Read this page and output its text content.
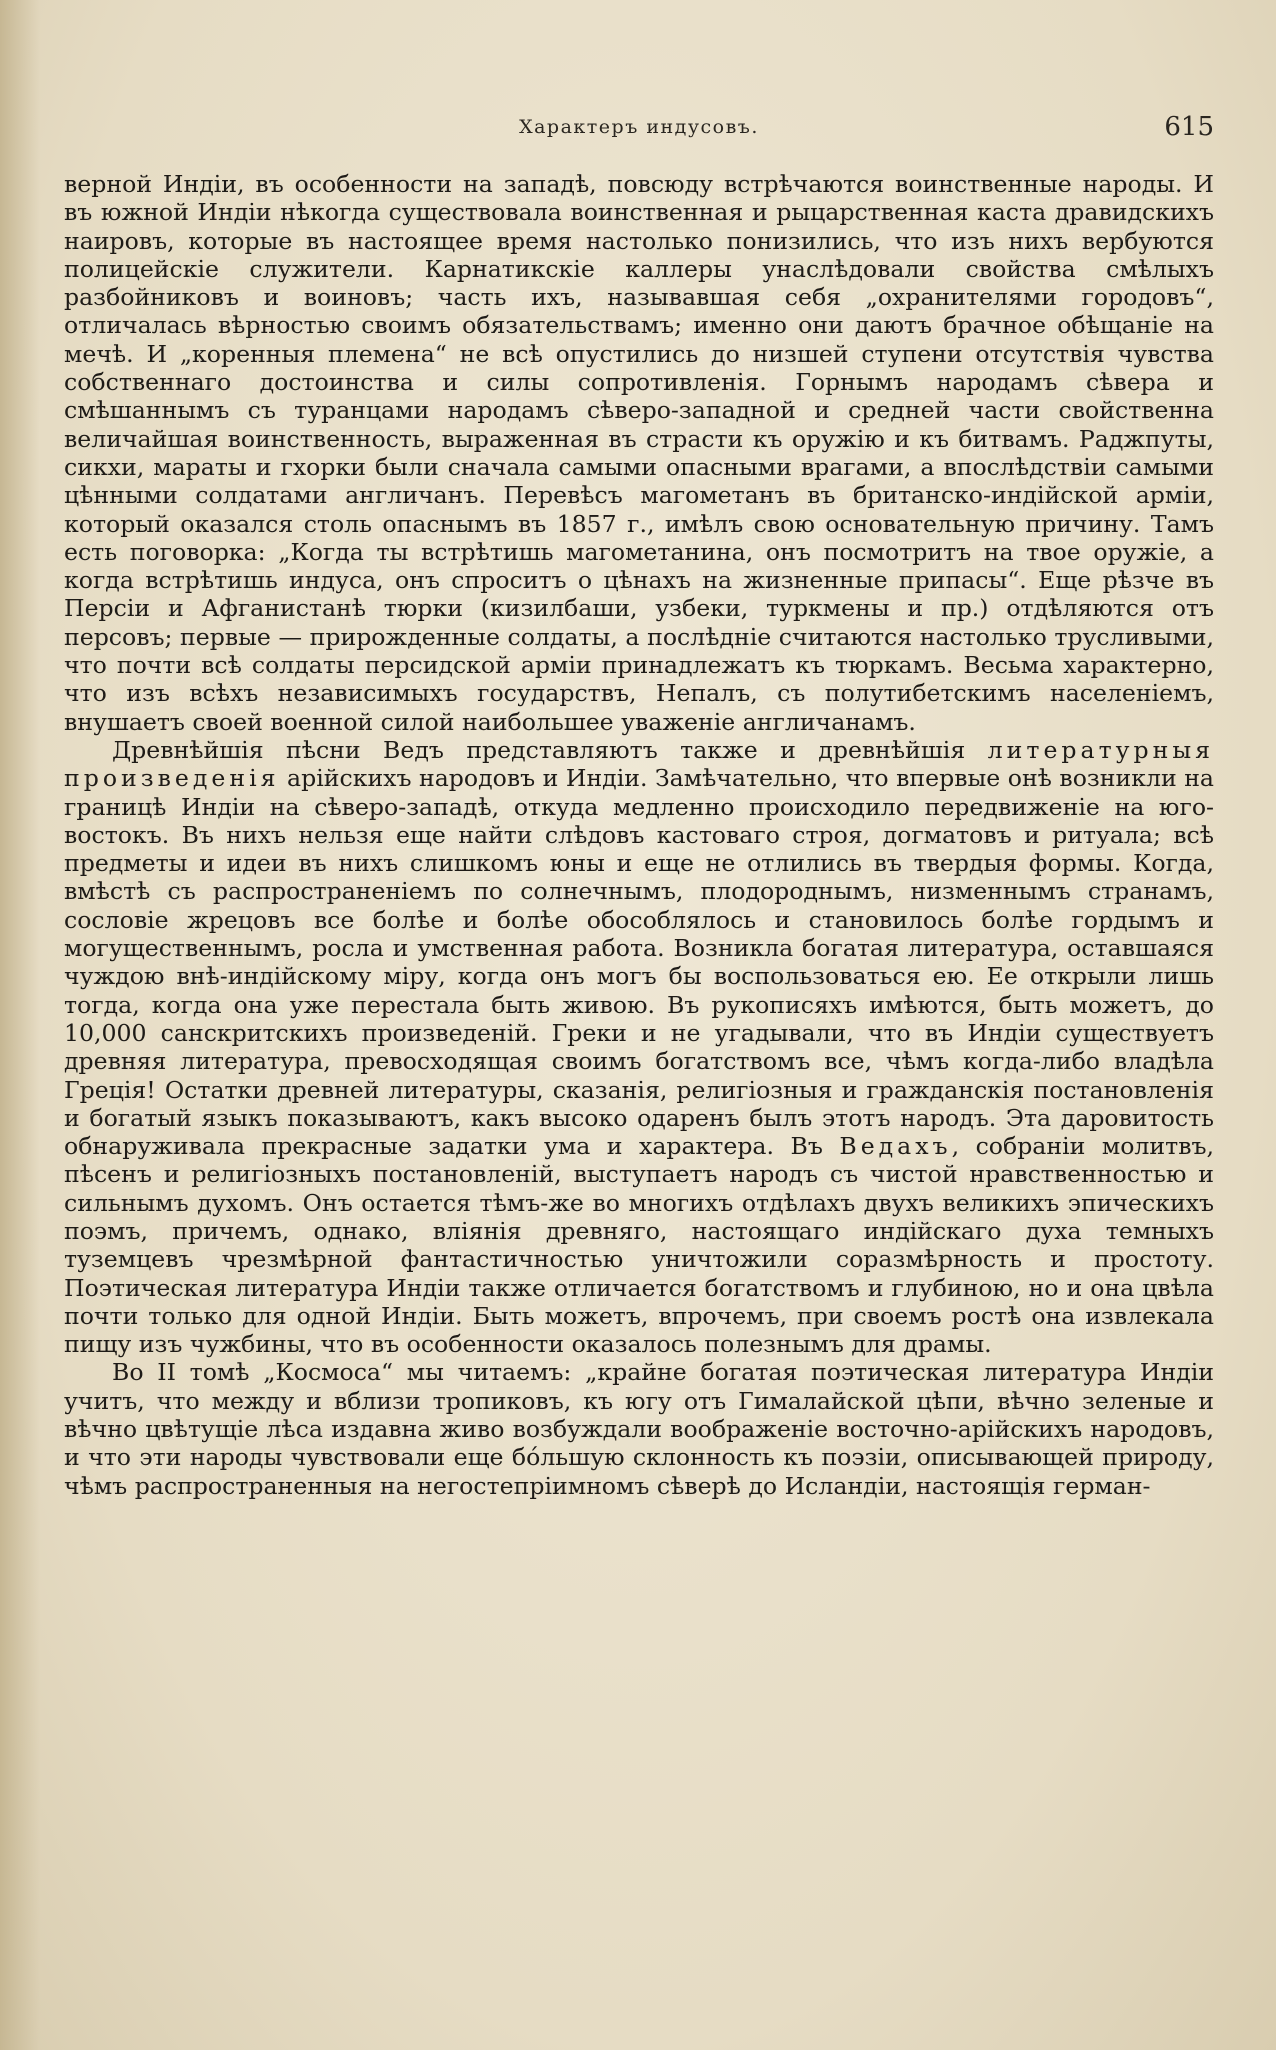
Характеръ индусовъ.	615

верной Индіи, въ особенности на западѣ, повсюду встрѣчаются воинственные народы. И въ южной Индіи нѣкогда существовала воинственная и рыцарственная каста дравидскихъ наировъ, которые въ настоящее время настолько понизились, что изъ нихъ вербуются полицейскіе служители. Карнатикскіе каллеры унаслѣдовали свойства смѣлыхъ разбойниковъ и воиновъ; часть ихъ, называвшая себя „охранителями городовъ“, отличалась вѣрностью своимъ обязательствамъ; именно они даютъ брачное обѣщаніе на мечѣ. И „коренныя племена“ не всѣ опустились до низшей ступени отсутствія чувства собственнаго достоинства и силы сопротивленія. Горнымъ народамъ сѣвера и смѣшаннымъ съ туранцами народамъ сѣверо-западной и средней части свойственна величайшая воинственность, выраженная въ страсти къ оружію и къ битвамъ. Раджпуты, сикхи, мараты и гхорки были сначала самыми опасными врагами, а впослѣдствіи самыми цѣнными солдатами англичанъ. Перевѣсъ магометанъ въ британско-индійской арміи, который оказался столь опаснымъ въ 1857 г., имѣлъ свою основательную причину. Тамъ есть поговорка: „Когда ты встрѣтишь магометанина, онъ посмотритъ на твое оружіе, а когда встрѣтишь индуса, онъ спроситъ о цѣнахъ на жизненные припасы“. Еще рѣзче въ Персіи и Афганистанѣ тюрки (кизилбаши, узбеки, туркмены и пр.) отдѣляются отъ персовъ; первые — прирожденные солдаты, а послѣдніе считаются настолько трусливыми, что почти всѣ солдаты персидской арміи принадлежатъ къ тюркамъ. Весьма характерно, что изъ всѣхъ независимыхъ государствъ, Непалъ, съ полутибетскимъ населеніемъ, внушаетъ своей военной силой наибольшее уваженіе англичанамъ.

Древнѣйшія пѣсни Ведъ представляютъ также и древнѣйшія литературныя произведенія арійскихъ народовъ и Индіи. Замѣчательно, что впервые онѣ возникли на границѣ Индіи на сѣверо-западѣ, откуда медленно происходило передвиженіе на юго-востокъ. Въ нихъ нельзя еще найти слѣдовъ кастоваго строя, догматовъ и ритуала; всѣ предметы и идеи въ нихъ слишкомъ юны и еще не отлились въ твердыя формы. Когда, вмѣстѣ съ распространеніемъ по солнечнымъ, плодороднымъ, низменнымъ странамъ, сословіе жрецовъ все болѣе и болѣе обособлялось и становилось болѣе гордымъ и могущественнымъ, росла и умственная работа. Возникла богатая литература, оставшаяся чуждою внѣ-индійскому міру, когда онъ могъ бы воспользоваться ею. Ее открыли лишь тогда, когда она уже перестала быть живою. Въ рукописяхъ имѣются, быть можетъ, до 10,000 санскритскихъ произведеній. Греки и не угадывали, что въ Индіи существуетъ древняя литература, превосходящая своимъ богатствомъ все, чѣмъ когда-либо владѣла Греція! Остатки древней литературы, сказанія, религіозныя и гражданскія постановленія и богатый языкъ показываютъ, какъ высоко одаренъ былъ этотъ народъ. Эта даровитость обнаруживала прекрасные задатки ума и характера. Въ Ведахъ, собраніи молитвъ, пѣсенъ и религіозныхъ постановленій, выступаетъ народъ съ чистой нравственностью и сильнымъ духомъ. Онъ остается тѣмъ-же во многихъ отдѣлахъ двухъ великихъ эпическихъ поэмъ, причемъ, однако, вліянія древняго, настоящаго индійскаго духа темныхъ туземцевъ чрезмѣрной фантастичностью уничтожили соразмѣрность и простоту. Поэтическая литература Индіи также отличается богатствомъ и глубиною, но и она цвѣла почти только для одной Индіи. Быть можетъ, впрочемъ, при своемъ ростѣ она извлекала пищу изъ чужбины, что въ особенности оказалось полезнымъ для драмы.

Во II томѣ „Космоса“ мы читаемъ: „крайне богатая поэтическая литература Индіи учитъ, что между и вблизи тропиковъ, къ югу отъ Гималайской цѣпи, вѣчно зеленые и вѣчно цвѣтущіе лѣса издавна живо возбуждали воображеніе восточно-арійскихъ народовъ, и что эти народы чувствовали еще бóльшую склонность къ поэзіи, описывающей природу, чѣмъ распространенныя на негостепріимномъ сѣверѣ до Исландіи, настоящія герман-
